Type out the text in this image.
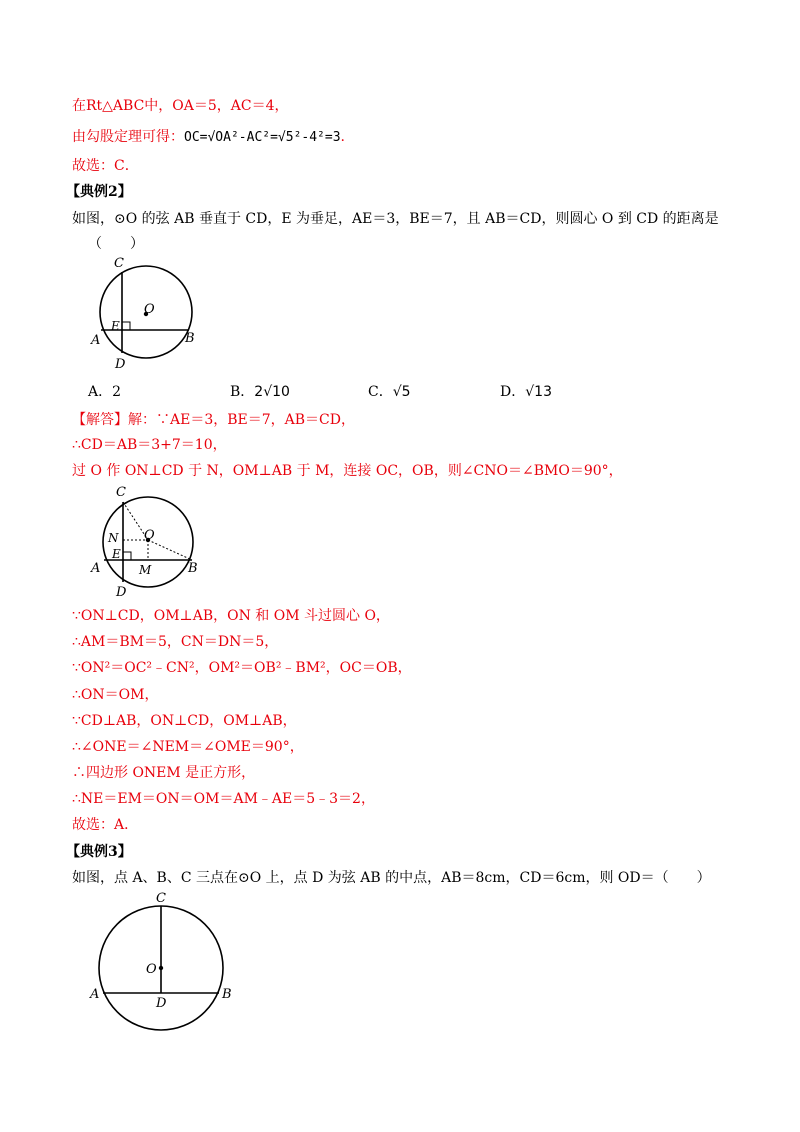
在Rt△ABC中，OA＝5，AC＝4，
由勾股定理可得：OC=√OA²-AC²=√5²-4²=3.
故选：C．
【典例2】
如图，⊙O 的弦 AB 垂直于 CD，E 为垂足，AE＝3，BE＝7，且 AB＝CD，则圆心 O 到 CD 的距离是
（　　）
C
O
E
A	B
D
A．2	B．2√10	C．√5	D．√13
【解答】解：∵AE＝3，BE＝7，AB＝CD，
∴CD＝AB＝3+7＝10，
过 O 作 ON⊥CD 于 N，OM⊥AB 于 M，连接 OC，OB，则∠CNO＝∠BMO＝90°，
C
N O
E
A	M	B
D
∵ON⊥CD，OM⊥AB，ON 和 OM 斗过圆心 O，
∴AM＝BM＝5，CN＝DN＝5，
∵ON²＝OC²﹣CN²，OM²＝OB²﹣BM²，OC＝OB，
∴ON＝OM，
∵CD⊥AB，ON⊥CD，OM⊥AB，
∴∠ONE＝∠NEM＝∠OME＝90°，
∴四边形 ONEM 是正方形，
∴NE＝EM＝ON＝OM＝AM﹣AE＝5﹣3＝2，
故选：A．
【典例3】
如图，点 A、B、C 三点在⊙O 上，点 D 为弦 AB 的中点，AB＝8cm，CD＝6cm，则 OD＝（　　）
C
O
A
D
B
